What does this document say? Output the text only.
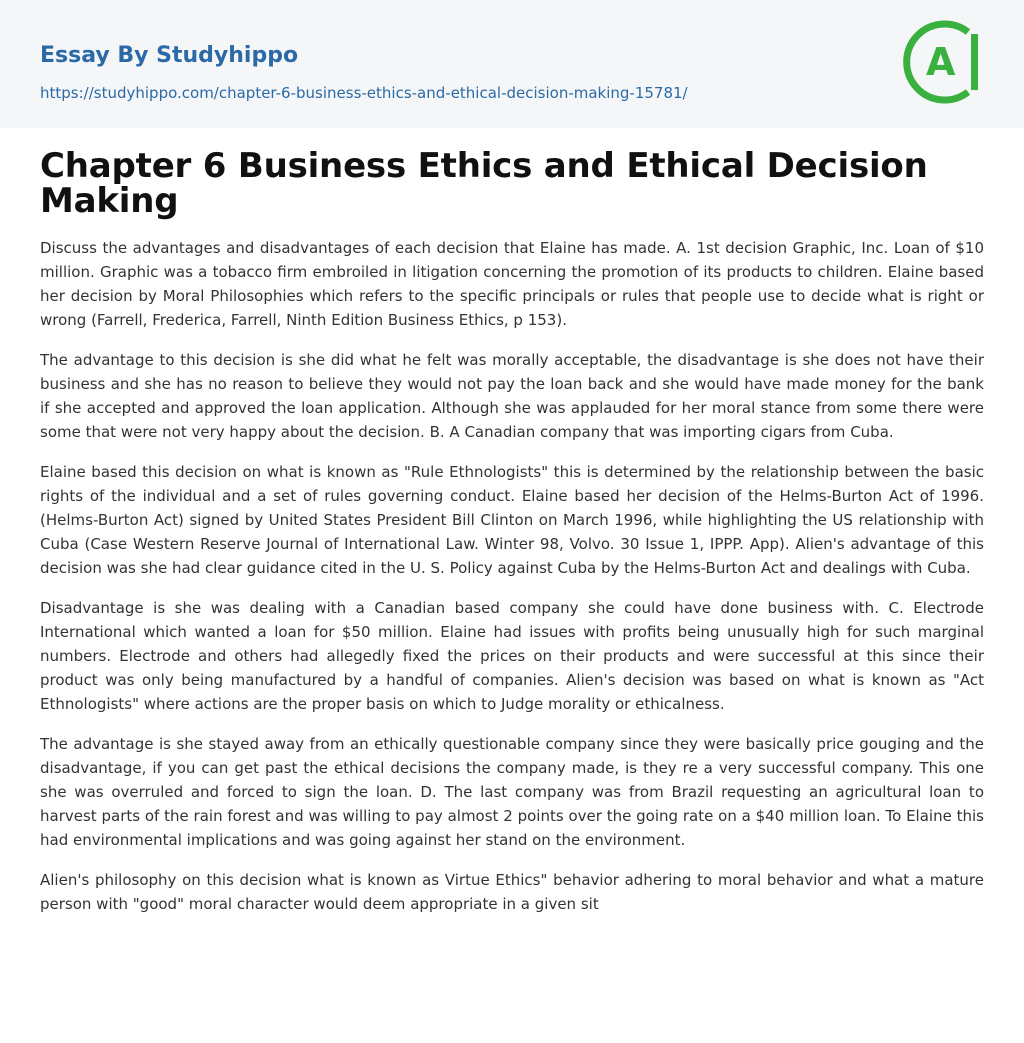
Essay By Studyhippo
https://studyhippo.com/chapter-6-business-ethics-and-ethical-decision-making-15781/
A
Chapter 6 Business Ethics and Ethical Decision Making

Discuss the advantages and disadvantages of each decision that Elaine has made. A. 1st decision Graphic, Inc. Loan of $10 million. Graphic was a tobacco firm embroiled in litigation concerning the promotion of its products to children. Elaine based her decision by Moral Philosophies which refers to the specific principals or rules that people use to decide what is right or wrong (Farrell, Frederica, Farrell, Ninth Edition Business Ethics, p 153).

The advantage to this decision is she did what he felt was morally acceptable, the disadvantage is she does not have their business and she has no reason to believe they would not pay the loan back and she would have made money for the bank if she accepted and approved the loan application. Although she was applauded for her moral stance from some there were some that were not very happy about the decision. B. A Canadian company that was importing cigars from Cuba.

Elaine based this decision on what is known as "Rule Ethnologists" this is determined by the relationship between the basic rights of the individual and a set of rules governing conduct. Elaine based her decision of the Helms-Burton Act of 1996. (Helms-Burton Act) signed by United States President Bill Clinton on March 1996, while highlighting the US relationship with Cuba (Case Western Reserve Journal of International Law. Winter 98, Volvo. 30 Issue 1, IPPP. App). Alien's advantage of this decision was she had clear guidance cited in the U. S. Policy against Cuba by the Helms-Burton Act and dealings with Cuba.

Disadvantage is she was dealing with a Canadian based company she could have done business with. C. Electrode International which wanted a loan for $50 million. Elaine had issues with profits being unusually high for such marginal numbers. Electrode and others had allegedly fixed the prices on their products and were successful at this since their product was only being manufactured by a handful of companies. Alien's decision was based on what is known as "Act Ethnologists" where actions are the proper basis on which to Judge morality or ethicalness.

The advantage is she stayed away from an ethically questionable company since they were basically price gouging and the disadvantage, if you can get past the ethical decisions the company made, is they re a very successful company. This one she was overruled and forced to sign the loan. D. The last company was from Brazil requesting an agricultural loan to harvest parts of the rain forest and was willing to pay almost 2 points over the going rate on a $40 million loan. To Elaine this had environmental implications and was going against her stand on the environment.

Alien's philosophy on this decision what is known as Virtue Ethics" behavior adhering to moral behavior and what a mature person with "good" moral character would deem appropriate in a given sit
